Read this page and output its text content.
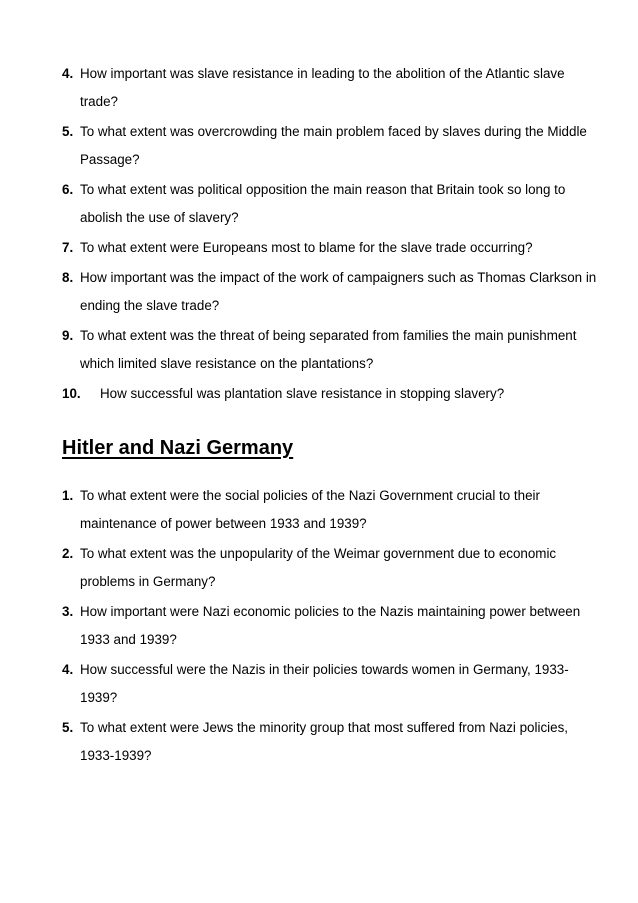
4. How important was slave resistance in leading to the abolition of the Atlantic slave trade?
5. To what extent was overcrowding the main problem faced by slaves during the Middle Passage?
6. To what extent was political opposition the main reason that Britain took so long to abolish the use of slavery?
7. To what extent were Europeans most to blame for the slave trade occurring?
8. How important was the impact of the work of campaigners such as Thomas Clarkson in ending the slave trade?
9. To what extent was the threat of being separated from families the main punishment which limited slave resistance on the plantations?
10.	How successful was plantation slave resistance in stopping slavery?
Hitler and Nazi Germany
1. To what extent were the social policies of the Nazi Government crucial to their maintenance of power between 1933 and 1939?
2. To what extent was the unpopularity of the Weimar government due to economic problems in Germany?
3. How important were Nazi economic policies to the Nazis maintaining power between 1933 and 1939?
4. How successful were the Nazis in their policies towards women in Germany, 1933-1939?
5. To what extent were Jews the minority group that most suffered from Nazi policies, 1933-1939?
